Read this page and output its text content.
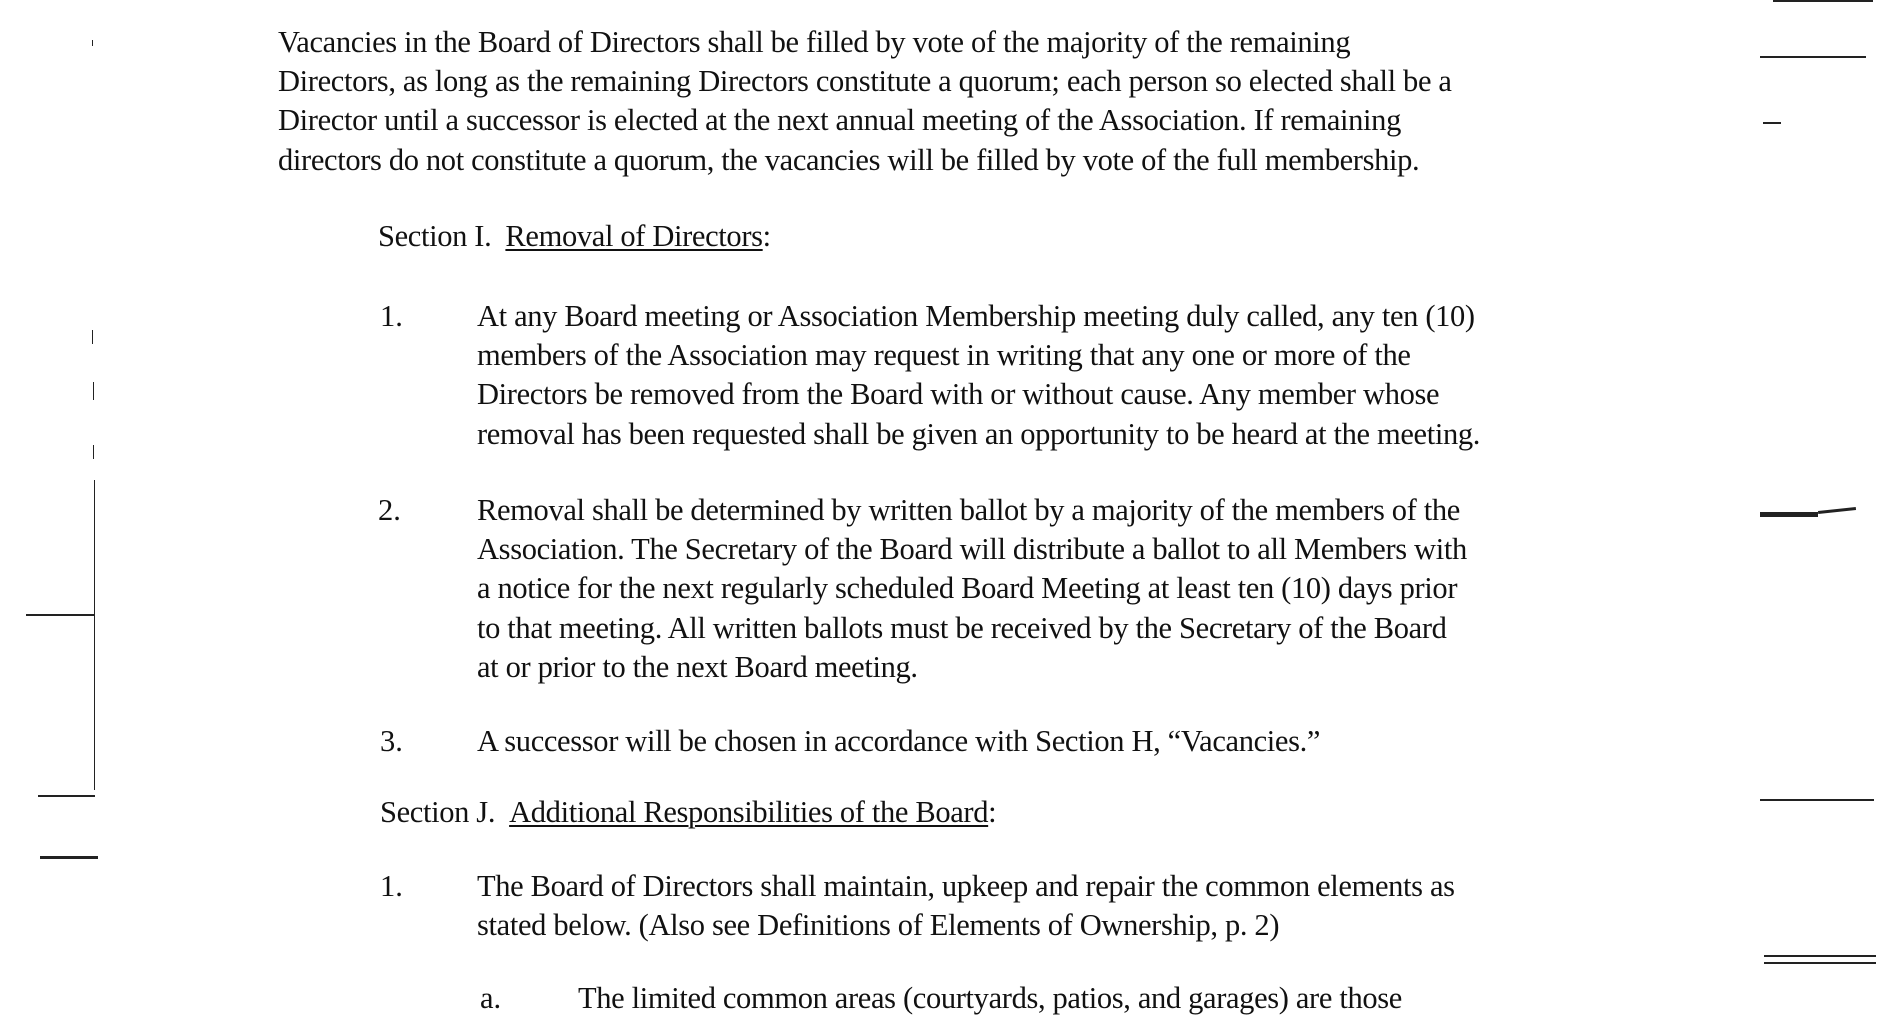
Vacancies in the Board of Directors shall be filled by vote of the majority of the remaining
Directors, as long as the remaining Directors constitute a quorum; each person so elected shall be a
Director until a successor is elected at the next annual meeting of the Association. If remaining
directors do not constitute a quorum, the vacancies will be filled by vote of the full membership.
Section I. Removal of Directors:
1. At any Board meeting or Association Membership meeting duly called, any ten (10)
members of the Association may request in writing that any one or more of the
Directors be removed from the Board with or without cause. Any member whose
removal has been requested shall be given an opportunity to be heard at the meeting.
2. Removal shall be determined by written ballot by a majority of the members of the
Association. The Secretary of the Board will distribute a ballot to all Members with
a notice for the next regularly scheduled Board Meeting at least ten (10) days prior
to that meeting. All written ballots must be received by the Secretary of the Board
at or prior to the next Board meeting.
3. A successor will be chosen in accordance with Section H, “Vacancies.”
Section J. Additional Responsibilities of the Board:
1. The Board of Directors shall maintain, upkeep and repair the common elements as
stated below. (Also see Definitions of Elements of Ownership, p. 2)
a.	The limited common areas (courtyards, patios, and garages) are those
